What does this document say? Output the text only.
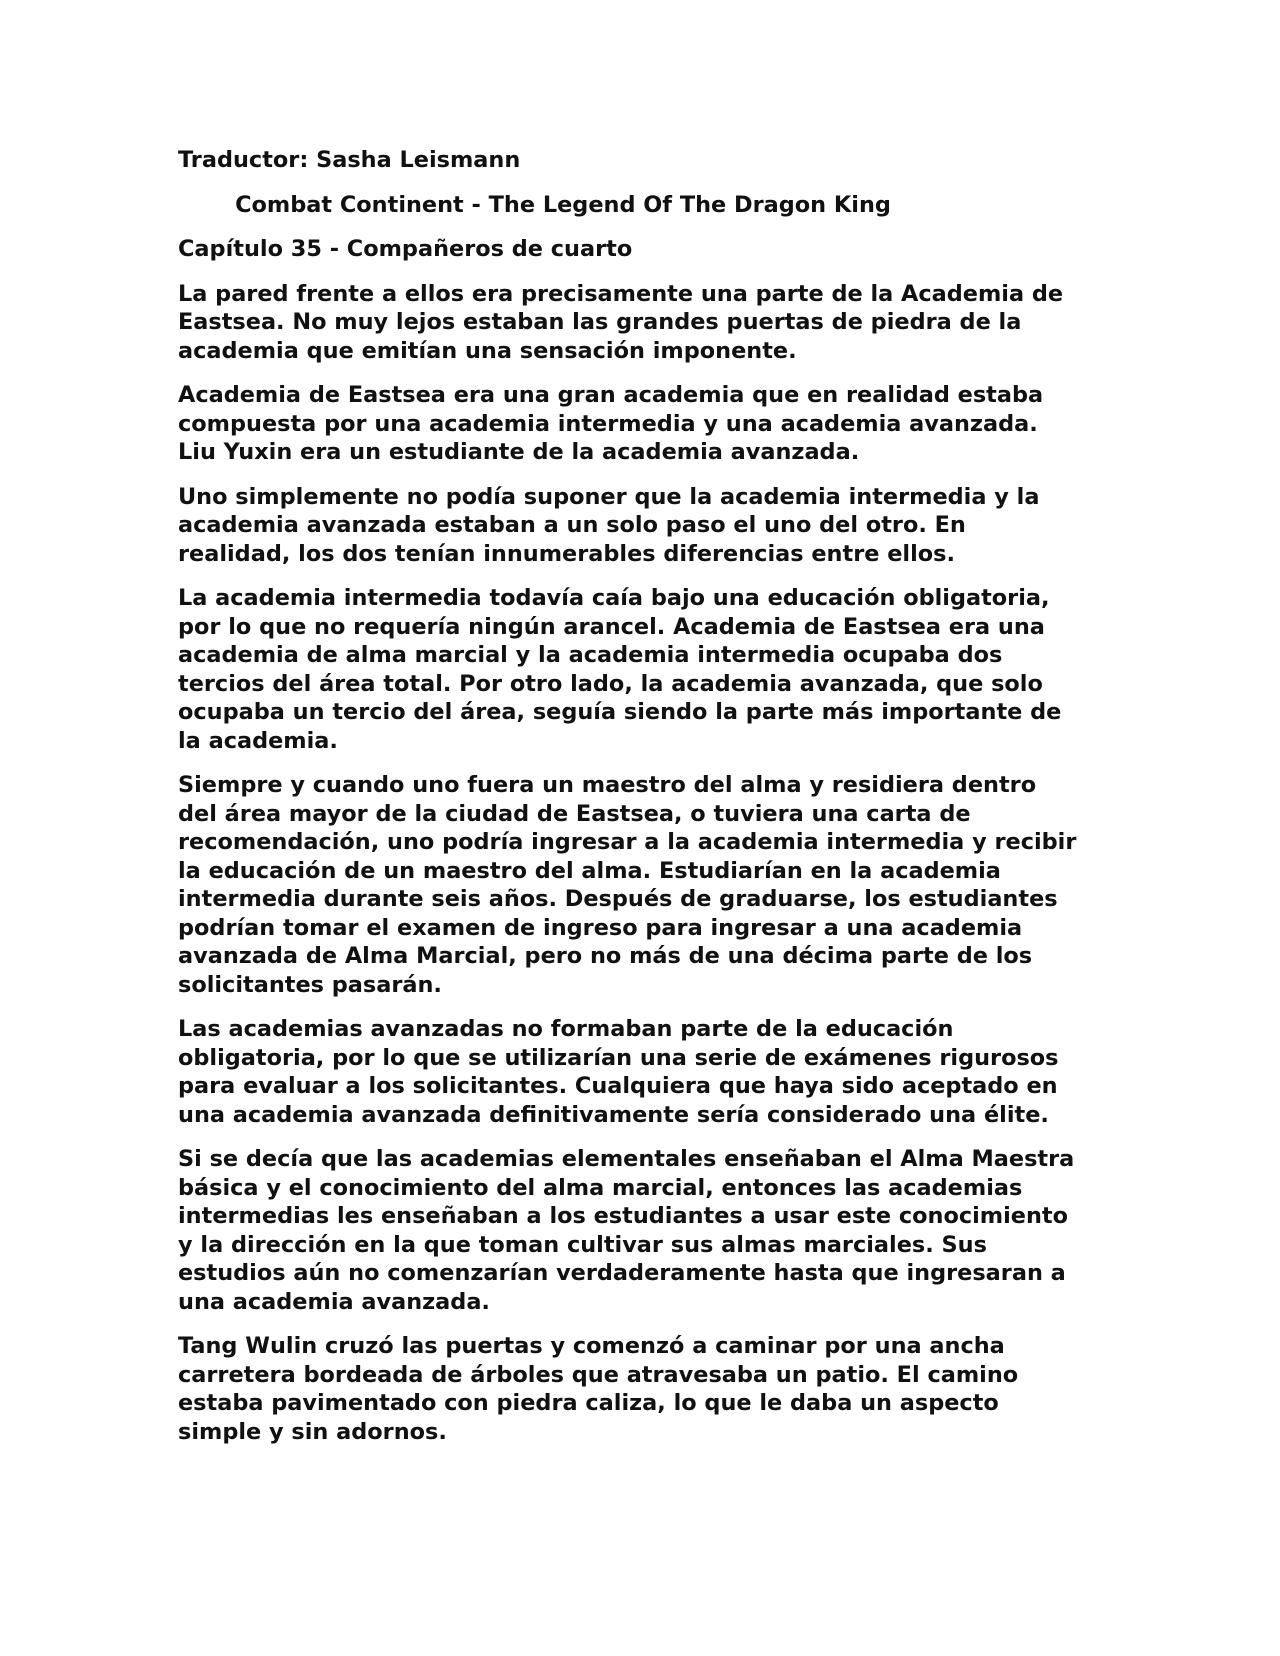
Traductor: Sasha Leismann
Combat Continent - The Legend Of The Dragon King
Capítulo 35 - Compañeros de cuarto
La pared frente a ellos era precisamente una parte de la Academia de
Eastsea. No muy lejos estaban las grandes puertas de piedra de la
academia que emitían una sensación imponente.
Academia de Eastsea era una gran academia que en realidad estaba
compuesta por una academia intermedia y una academia avanzada.
Liu Yuxin era un estudiante de la academia avanzada.
Uno simplemente no podía suponer que la academia intermedia y la
academia avanzada estaban a un solo paso el uno del otro. En
realidad, los dos tenían innumerables diferencias entre ellos.
La academia intermedia todavía caía bajo una educación obligatoria,
por lo que no requería ningún arancel. Academia de Eastsea era una
academia de alma marcial y la academia intermedia ocupaba dos
tercios del área total. Por otro lado, la academia avanzada, que solo
ocupaba un tercio del área, seguía siendo la parte más importante de
la academia.
Siempre y cuando uno fuera un maestro del alma y residiera dentro
del área mayor de la ciudad de Eastsea, o tuviera una carta de
recomendación, uno podría ingresar a la academia intermedia y recibir
la educación de un maestro del alma. Estudiarían en la academia
intermedia durante seis años. Después de graduarse, los estudiantes
podrían tomar el examen de ingreso para ingresar a una academia
avanzada de Alma Marcial, pero no más de una décima parte de los
solicitantes pasarán.
Las academias avanzadas no formaban parte de la educación
obligatoria, por lo que se utilizarían una serie de exámenes rigurosos
para evaluar a los solicitantes. Cualquiera que haya sido aceptado en
una academia avanzada definitivamente sería considerado una élite.
Si se decía que las academias elementales enseñaban el Alma Maestra
básica y el conocimiento del alma marcial, entonces las academias
intermedias les enseñaban a los estudiantes a usar este conocimiento
y la dirección en la que toman cultivar sus almas marciales. Sus
estudios aún no comenzarían verdaderamente hasta que ingresaran a
una academia avanzada.
Tang Wulin cruzó las puertas y comenzó a caminar por una ancha
carretera bordeada de árboles que atravesaba un patio. El camino
estaba pavimentado con piedra caliza, lo que le daba un aspecto
simple y sin adornos.
